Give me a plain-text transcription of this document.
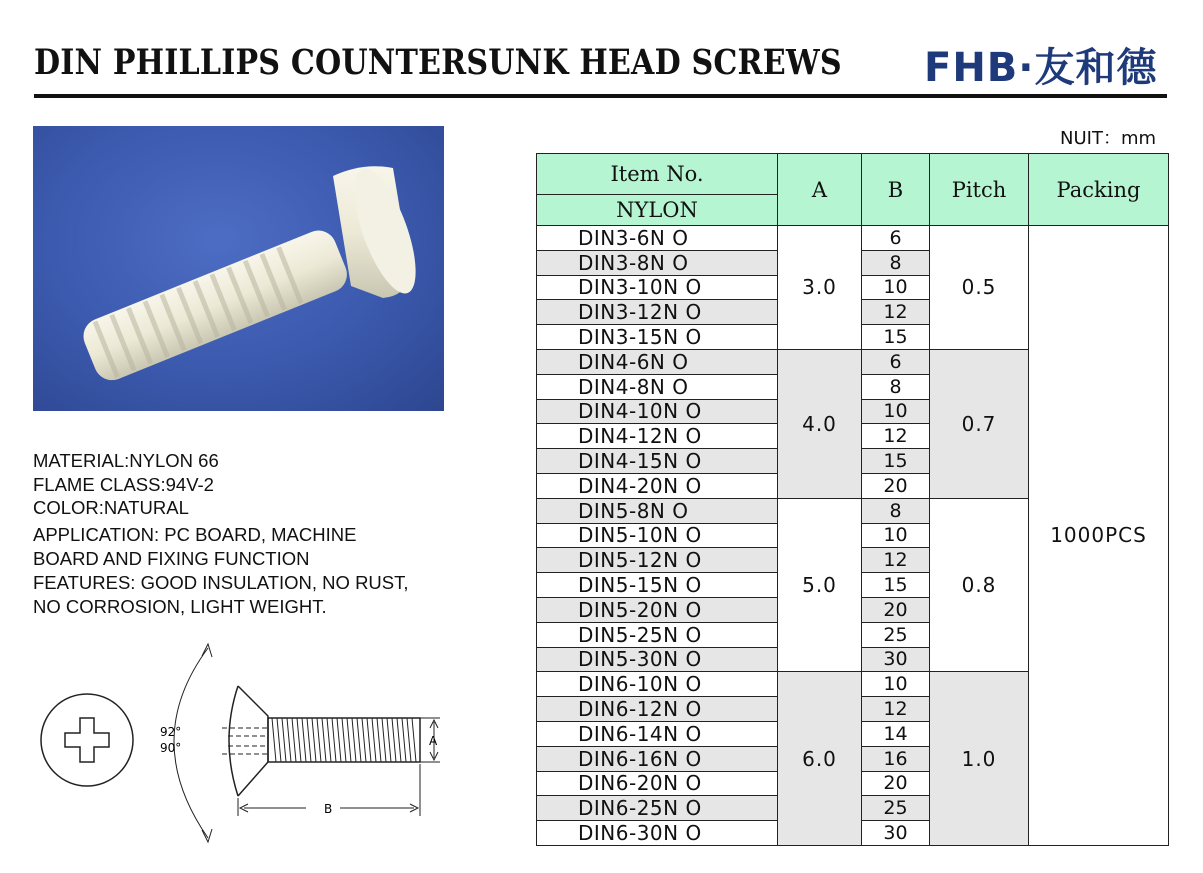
DIN PHILLIPS COUNTERSUNK HEAD SCREWS FHB·友和德
MATERIAL:NYLON 66
FLAME CLASS:94V-2
COLOR:NATURAL
APPLICATION: PC BOARD, MACHINE
BOARD AND FIXING FUNCTION
FEATURES: GOOD INSULATION, NO RUST,
NO CORROSION, LIGHT WEIGHT.
92°
90°	A
B
NUIT：mm
Item No.	A	B	Pitch	Packing
NYLON				
DIN3-6N O	3.0	6	0.5	1000PCS
DIN3-8N O		8		
DIN3-10N O		10		
DIN3-12N O		12		
DIN3-15N O		15		
DIN4-6N O	4.0	6	0.7	
DIN4-8N O		8		
DIN4-10N O		10		
DIN4-12N O		12		
DIN4-15N O		15		
DIN4-20N O		20		
DIN5-8N O	5.0	8	0.8	
DIN5-10N O		10		
DIN5-12N O		12		
DIN5-15N O		15		
DIN5-20N O		20		
DIN5-25N O		25		
DIN5-30N O		30		
DIN6-10N O	6.0	10	1.0	
DIN6-12N O		12		
DIN6-14N O		14		
DIN6-16N O		16		
DIN6-20N O		20		
DIN6-25N O		25		
DIN6-30N O		30		
